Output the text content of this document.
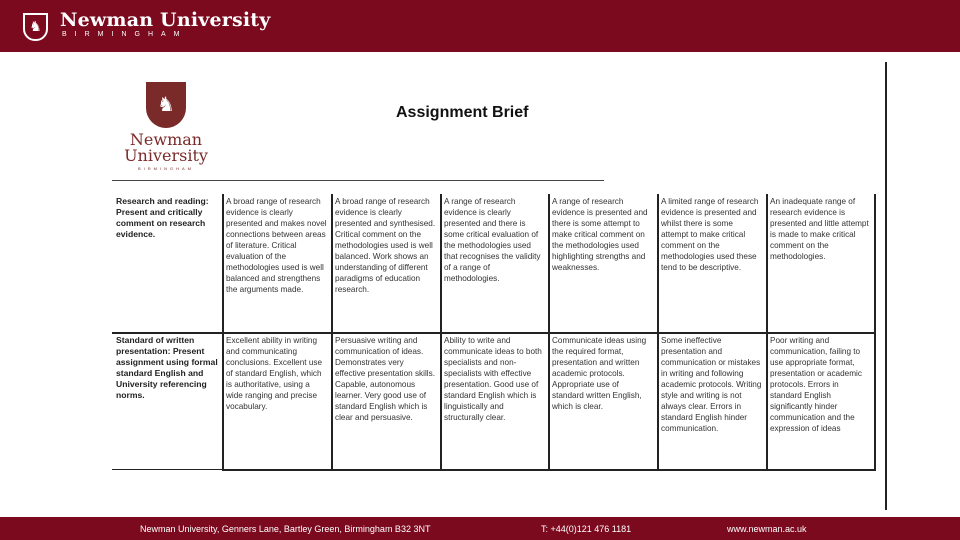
♞ Newman University
BIRMINGHAM
♞
Newman University
BIRMINGHAM
Assignment Brief
Research and reading: Present and critically comment on research evidence.
A broad range of research evidence is clearly presented and makes novel connections between areas of literature. Critical evaluation of the methodologies used is well balanced and strengthens the arguments made.
A broad range of research evidence is clearly presented and synthesised. Critical comment on the methodologies used is well balanced. Work shows an understanding of different paradigms of education research.
A range of research evidence is clearly presented and there is some critical evaluation of the methodologies used that recognises the validity of a range of methodologies.
A range of research evidence is presented and there is some attempt to make critical comment on the methodologies used highlighting strengths and weaknesses.
A limited range of research evidence is presented and whilst there is some attempt to make critical comment on the methodologies used these tend to be descriptive.
An inadequate range of research evidence is presented and little attempt is made to make critical comment on the methodologies.
Standard of written presentation: Present assignment using formal standard English and University referencing norms.
Excellent ability in writing and communicating conclusions. Excellent use of standard English, which is authoritative, using a wide ranging and precise vocabulary.
Persuasive writing and communication of ideas. Demonstrates very effective presentation skills. Capable, autonomous learner. Very good use of standard English which is clear and persuasive.
Ability to write and communicate ideas to both specialists and non-specialists with effective presentation. Good use of standard English which is linguistically and structurally clear.
Communicate ideas using the required format, presentation and written academic protocols. Appropriate use of standard written English, which is clear.
Some ineffective presentation and communication or mistakes in writing and following academic protocols. Writing style and writing is not always clear. Errors in standard English hinder communication.
Poor writing and communication, failing to use appropriate format, presentation or academic protocols. Errors in standard English significantly hinder communication and the expression of ideas
Newman University, Genners Lane, Bartley Green, Birmingham B32 3NT	T: +44(0)121 476 1181	www.newman.ac.uk
